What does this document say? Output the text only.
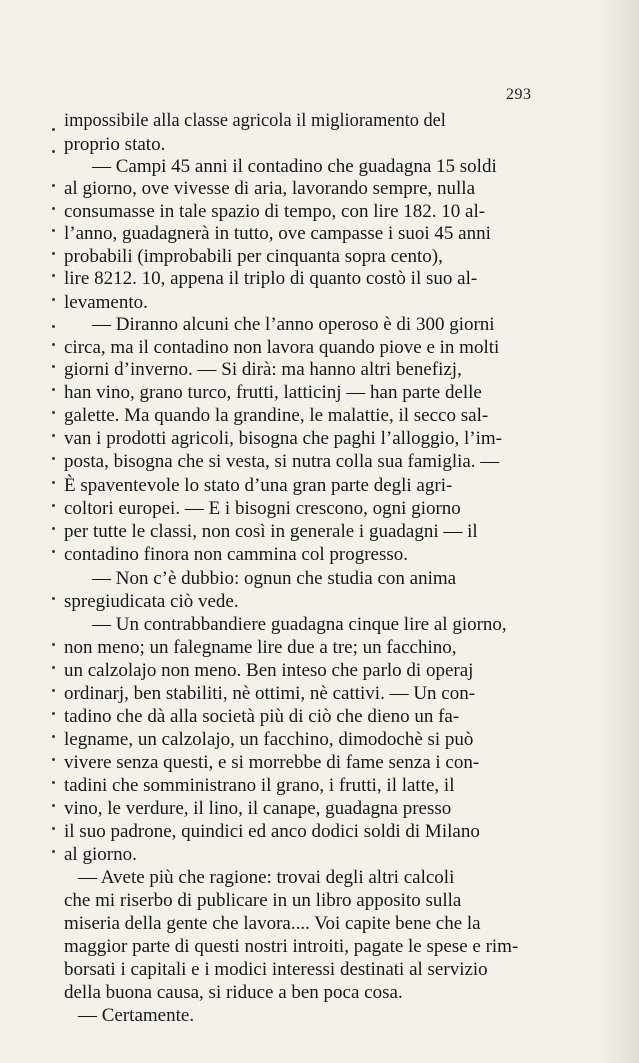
293
impossibile alla classe agricola il miglioramento del
proprio stato.
— Campi 45 anni il contadino che guadagna 15 soldi
al giorno, ove vivesse di aria, lavorando sempre, nulla
consumasse in tale spazio di tempo, con lire 182. 10 al-
l’anno, guadagnerà in tutto, ove campasse i suoi 45 anni
probabili (improbabili per cinquanta sopra cento),
lire 8212. 10, appena il triplo di quanto costò il suo al-
levamento.
— Diranno alcuni che l’anno operoso è di 300 giorni
circa, ma il contadino non lavora quando piove e in molti
giorni d’inverno. — Si dirà: ma hanno altri benefizj,
han vino, grano turco, frutti, latticinj — han parte delle
galette. Ma quando la grandine, le malattie, il secco sal-
van i prodotti agricoli, bisogna che paghi l’alloggio, l’im-
posta, bisogna che si vesta, si nutra colla sua famiglia. —
È spaventevole lo stato d’una gran parte degli agri-
coltori europei. — E i bisogni crescono, ogni giorno
per tutte le classi, non così in generale i guadagni — il
contadino finora non cammina col progresso.
— Non c’è dubbio: ognun che studia con anima
spregiudicata ciò vede.
— Un contrabbandiere guadagna cinque lire al giorno,
non meno; un falegname lire due a tre; un facchino,
un calzolajo non meno. Ben inteso che parlo di operaj
ordinarj, ben stabiliti, nè ottimi, nè cattivi. — Un con-
tadino che dà alla società più di ciò che dieno un fa-
legname, un calzolajo, un facchino, dimodochè si può
vivere senza questi, e si morrebbe di fame senza i con-
tadini che somministrano il grano, i frutti, il latte, il
vino, le verdure, il lino, il canape, guadagna presso
il suo padrone, quindici ed anco dodici soldi di Milano
al giorno.
— Avete più che ragione: trovai degli altri calcoli
che mi riserbo di publicare in un libro apposito sulla
miseria della gente che lavora.... Voi capite bene che la
maggior parte di questi nostri introiti, pagate le spese e rim-
borsati i capitali e i modici interessi destinati al servizio
della buona causa, si riduce a ben poca cosa.
— Certamente.
